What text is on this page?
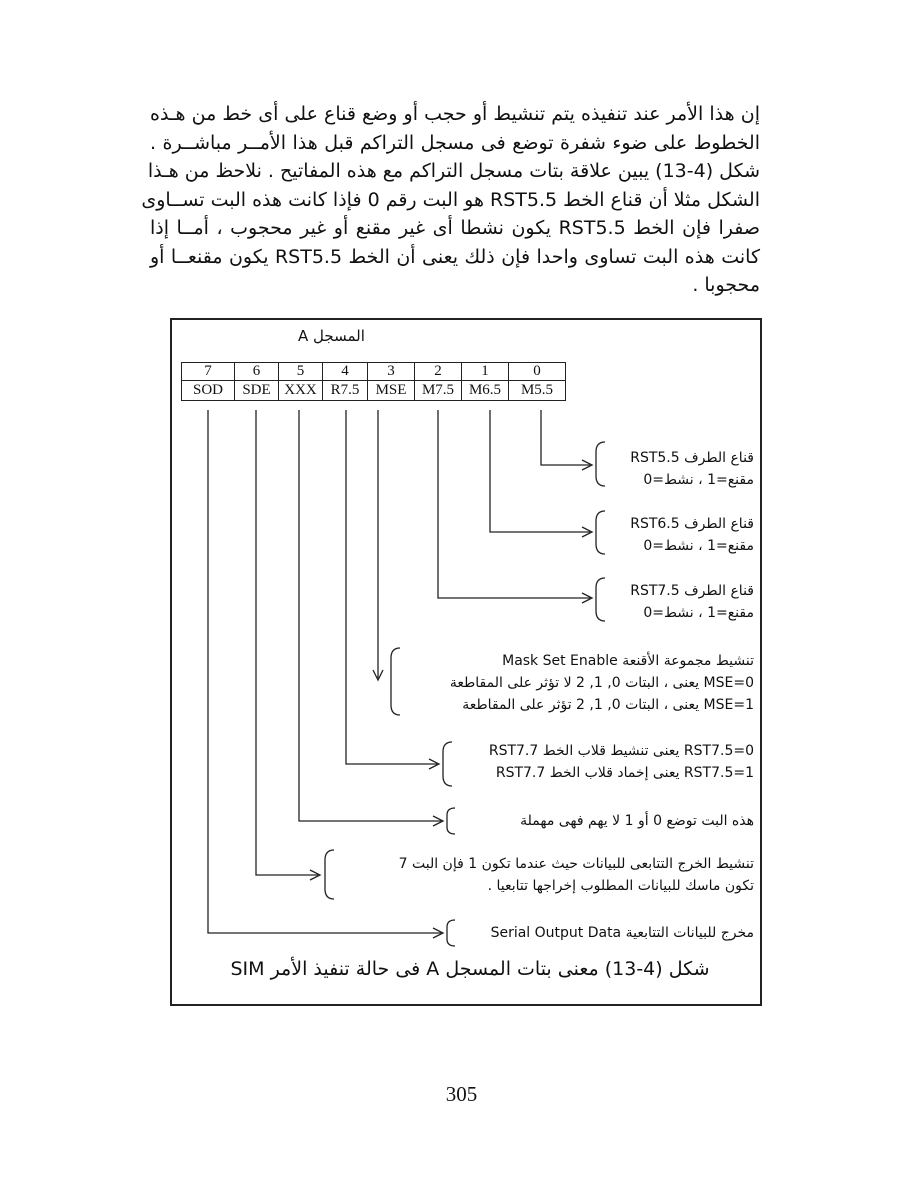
إن هذا الأمر عند تنفيذه يتم تنشيط أو حجب أو وضع قناع على أى خط من هـذه
الخطوط على ضوء شفرة توضع فى مسجل التراكم قبل هذا الأمــر مباشــرة .
شكل (4-13) يبين علاقة بتات مسجل التراكم مع هذه المفاتيح . نلاحظ من هـذا
الشكل مثلا أن قناع الخط RST5.5 هو البت رقم 0 فإذا كانت هذه البت تســاوى
صفرا فإن الخط RST5.5 يكون نشطا أى غير مقنع أو غير محجوب ، أمــا إذا
كانت هذه البت تساوى واحدا فإن ذلك يعنى أن الخط RST5.5 يكون مقنعــا أو
محجوبا .
المسجل A
7	6	5	4	3	2	1	0
SOD	SDE	XXX	R7.5	MSE	M7.5	M6.5	M5.5
قناع الطرف RST5.5
مقنع=1 ، نشط=0
قناع الطرف RST6.5
مقنع=1 ، نشط=0
قناع الطرف RST7.5
مقنع=1 ، نشط=0
تنشيط مجموعة الأقنعة Mask Set Enable
MSE=0 يعنى ، البتات 0, 1, 2 لا تؤثر على المقاطعة
MSE=1 يعنى ، البتات 0, 1, 2 تؤثر على المقاطعة
RST7.5=0 يعنى تنشيط قلاب الخط RST7.7
RST7.5=1 يعنى إخماد قلاب الخط RST7.7
هذه البت توضع 0 أو 1 لا يهم فهى مهملة
تنشيط الخرج التتابعى للبيانات حيث عندما تكون 1 فإن البت 7
تكون ماسك للبيانات المطلوب إخراجها تتابعيا .
مخرج للبيانات التتابعية Serial Output Data
شكل (4-13) معنى بتات المسجل A فى حالة تنفيذ الأمر SIM
305
